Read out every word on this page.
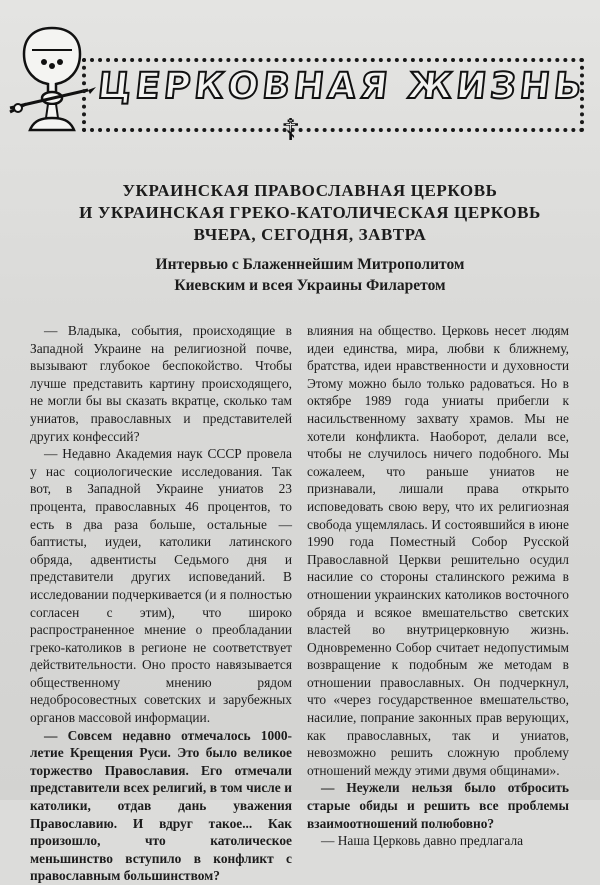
ЦЕРКОВНАЯ ЖИЗНЬ
☦
УКРАИНСКАЯ ПРАВОСЛАВНАЯ ЦЕРКОВЬ
И УКРАИНСКАЯ ГРЕКО-КАТОЛИЧЕСКАЯ ЦЕРКОВЬ
ВЧЕРА, СЕГОДНЯ, ЗАВТРА
Интервью с Блаженнейшим Митрополитом
Киевским и всея Украины Филаретом

— Владыка, события, происходящие в Западной Украине на религиозной почве, вызывают глубокое беспокойство. Чтобы лучше представить картину происходящего, не могли бы вы сказать вкратце, сколько там униатов, православных и представителей других конфессий?

— Недавно Академия наук СССР провела у нас социологические исследования. Так вот, в Западной Украине униатов 23 процента, православных 46 процентов, то есть в два раза больше, остальные — баптисты, иудеи, католики латинского обряда, адвентисты Седьмого дня и представители других исповеданий. В исследовании подчеркивается (и я полностью согласен с этим), что широко распространенное мнение о преобладании греко-католиков в регионе не соответствует действительности. Оно просто навязывается общественному мнению рядом недобросовестных советских и зарубежных органов массовой информации.

— Совсем недавно отмечалось 1000-летие Крещения Руси. Это было великое торжество Православия. Его отмечали представители всех религий, в том числе и католики, отдав дань уважения Православию. И вдруг такое... Как произошло, что католическое меньшинство вступило в конфликт с православным большинством?

влияния на общество. Церковь несет людям идеи единства, мира, любви к ближнему, братства, идеи нравственности и духовности Этому можно было только радоваться. Но в октябре 1989 года униаты прибегли к насильственному захвату храмов. Мы не хотели конфликта. Наоборот, делали все, чтобы не случилось ничего подобного. Мы сожалеем, что раньше униатов не признавали, лишали права открыто исповедовать свою веру, что их религиозная свобода ущемлялась. И состоявшийся в июне 1990 года Поместный Собор Русской Православной Церкви решительно осудил насилие со стороны сталинского режима в отношении украинских католиков восточного обряда и всякое вмешательство светских властей во внутрицерковную жизнь. Одновременно Собор считает недопустимым возвращение к подобным же методам в отношении православных. Он подчеркнул, что «через государственное вмешательство, насилие, попрание законных прав верующих, как православных, так и униатов, невозможно решить сложную проблему отношений между этими двумя общинами».

— Неужели нельзя было отбросить старые обиды и решить все проблемы взаимоотношений полюбовно?

— Наша Церковь давно предлагала
